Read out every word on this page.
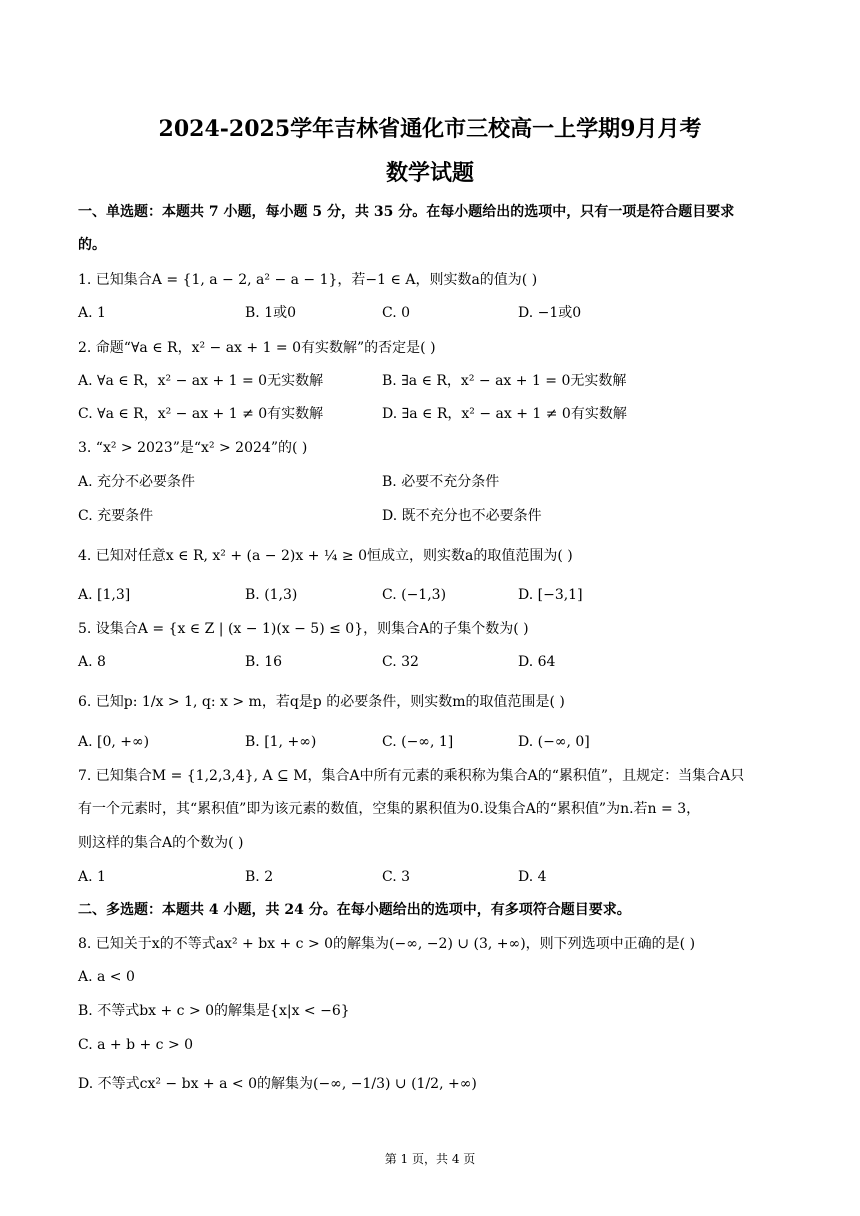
2024-2025学年吉林省通化市三校高一上学期9月月考
数学试题
一、单选题：本题共 7 小题，每小题 5 分，共 35 分。在每小题给出的选项中，只有一项是符合题目要求
的。
1. 已知集合A = {1, a − 2, a² − a − 1}，若−1 ∈ A，则实数a的值为( )
A. 1	B. 1或0	C. 0	D. −1或0
2. 命题“∀a ∈ R，x² − ax + 1 = 0有实数解”的否定是( )
A. ∀a ∈ R，x² − ax + 1 = 0无实数解	B. ∃a ∈ R，x² − ax + 1 = 0无实数解
C. ∀a ∈ R，x² − ax + 1 ≠ 0有实数解	D. ∃a ∈ R，x² − ax + 1 ≠ 0有实数解
3. “x² > 2023”是“x² > 2024”的( )
A. 充分不必要条件	B. 必要不充分条件
C. 充要条件	D. 既不充分也不必要条件
4. 已知对任意x ∈ R, x² + (a − 2)x + ¼ ≥ 0恒成立，则实数a的取值范围为( )
A. [1,3]	B. (1,3)	C. (−1,3)	D. [−3,1]
5. 设集合A = {x ∈ Z | (x − 1)(x − 5) ≤ 0}，则集合A的子集个数为( )
A. 8	B. 16	C. 32	D. 64
6. 已知p: 1/x > 1, q: x > m，若q是p 的必要条件，则实数m的取值范围是( )
A. [0, +∞)	B. [1, +∞)	C. (−∞, 1]	D. (−∞, 0]
7. 已知集合M = {1,2,3,4}, A ⊆ M，集合A中所有元素的乘积称为集合A的“累积值”，且规定：当集合A只
有一个元素时，其“累积值”即为该元素的数值，空集的累积值为0.设集合A的“累积值”为n.若n = 3，
则这样的集合A的个数为( )
A. 1	B. 2	C. 3	D. 4
二、多选题：本题共 4 小题，共 24 分。在每小题给出的选项中，有多项符合题目要求。
8. 已知关于x的不等式ax² + bx + c > 0的解集为(−∞, −2) ∪ (3, +∞)，则下列选项中正确的是( )
A. a < 0
B. 不等式bx + c > 0的解集是{x|x < −6}
C. a + b + c > 0
D. 不等式cx² − bx + a < 0的解集为(−∞, −1/3) ∪ (1/2, +∞)
第 1 页，共 4 页
